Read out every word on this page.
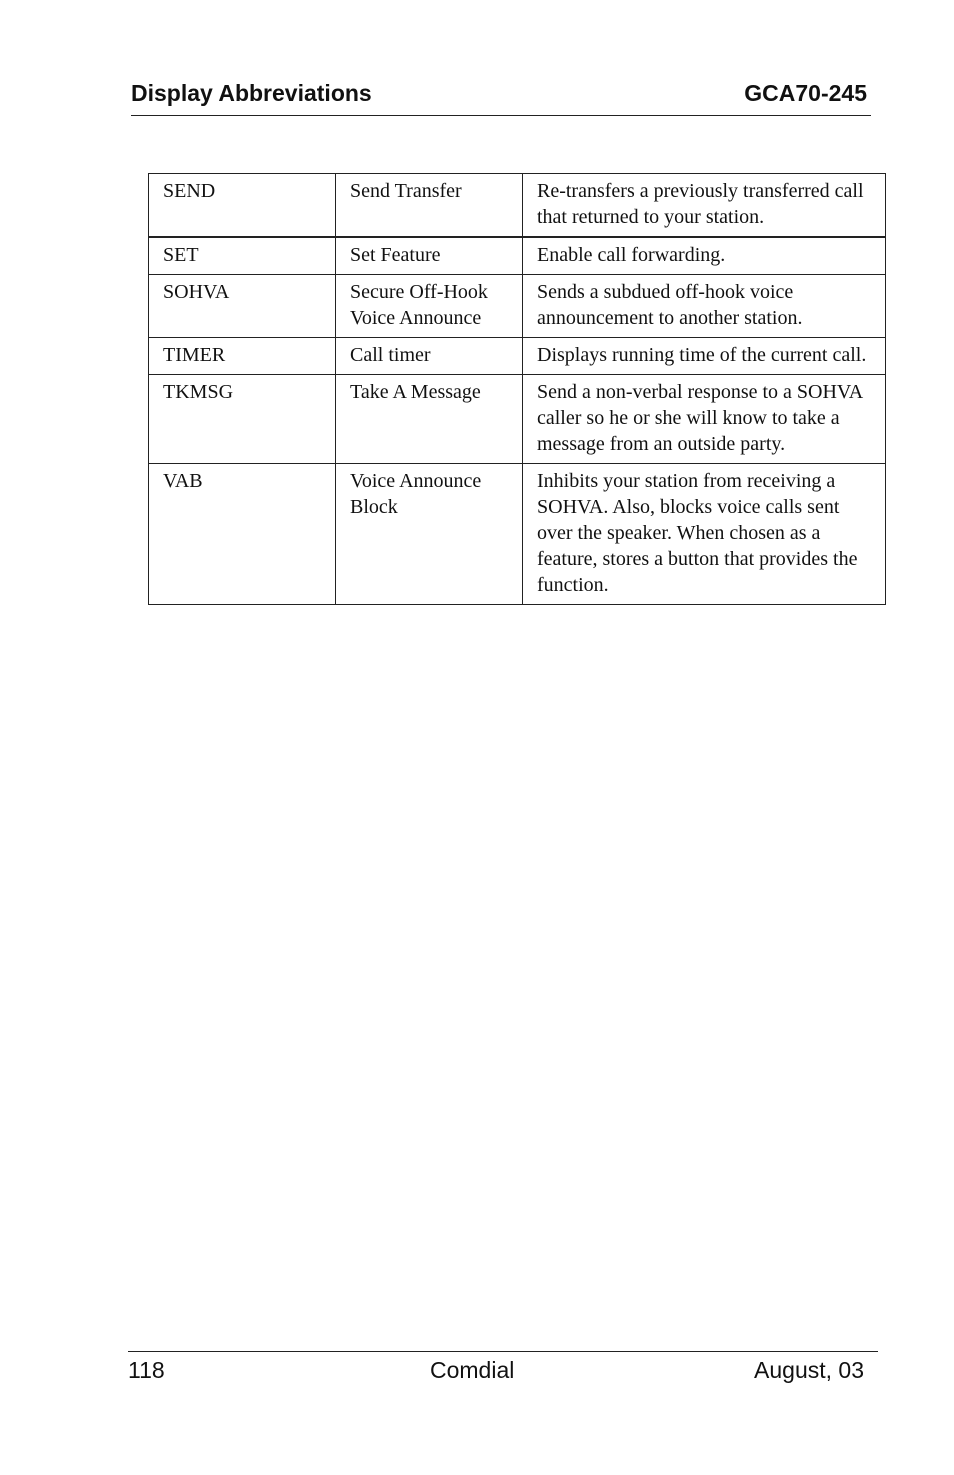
Display Abbreviations	GCA70-245
SEND	Send Transfer	Re-transfers a previously transferred call that returned to your station.
SET	Set Feature	Enable call forwarding.
SOHVA	Secure Off-Hook Voice Announce	Sends a subdued off-hook voice announcement to another station.
TIMER	Call timer	Displays running time of the current call.
TKMSG	Take A Message	Send a non-verbal response to a SOHVA caller so he or she will know to take a message from an outside party.
VAB	Voice Announce Block	Inhibits your station from receiving a SOHVA. Also, blocks voice calls sent over the speaker. When chosen as a feature, stores a button that provides the function.
118	Comdial	August, 03
